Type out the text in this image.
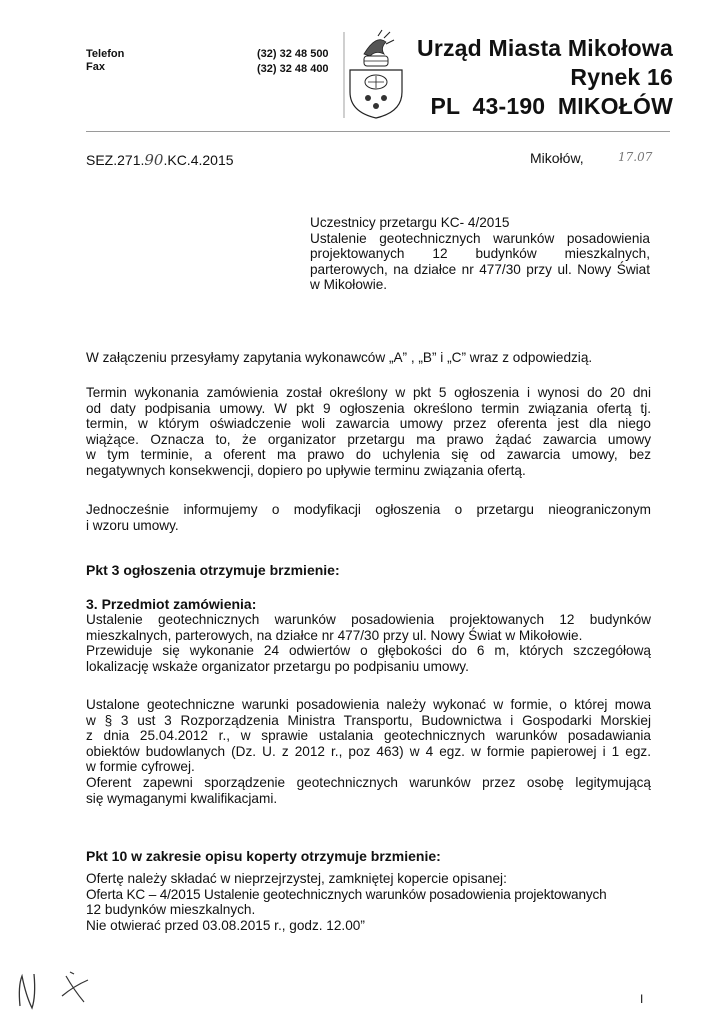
Telefon
Fax
(32) 32 48 500
(32) 32 48 400
Urząd Miasta Mikołowa
Rynek 16
PL 43-190 MIKOŁÓW
SEZ.271.90.KC.4.2015	Mikołów,	17.07
Uczestnicy przetargu KC- 4/2015
Ustalenie geotechnicznych warunków posadowienia
projektowanych 12 budynków mieszkalnych,
parterowych, na działce nr 477/30 przy ul. Nowy Świat
w Mikołowie.
W załączeniu przesyłamy zapytania wykonawców „A” , „B” i „C” wraz z odpowiedzią.
Termin wykonania zamówienia został określony w pkt 5 ogłoszenia i wynosi do 20 dni
od daty podpisania umowy. W pkt 9 ogłoszenia określono termin związania ofertą tj.
termin, w którym oświadczenie woli zawarcia umowy przez oferenta jest dla niego
wiążące. Oznacza to, że organizator przetargu ma prawo żądać zawarcia umowy
w tym terminie, a oferent ma prawo do uchylenia się od zawarcia umowy, bez
negatywnych konsekwencji, dopiero po upływie terminu związania ofertą.
Jednocześnie informujemy o modyfikacji ogłoszenia o przetargu nieograniczonym
i wzoru umowy.
Pkt 3 ogłoszenia otrzymuje brzmienie:
3. Przedmiot zamówienia:
Ustalenie geotechnicznych warunków posadowienia projektowanych 12 budynków
mieszkalnych, parterowych, na działce nr 477/30 przy ul. Nowy Świat w Mikołowie.
Przewiduje się wykonanie 24 odwiertów o głębokości do 6 m, których szczegółową
lokalizację wskaże organizator przetargu po podpisaniu umowy.
Ustalone geotechniczne warunki posadowienia należy wykonać w formie, o której mowa
w § 3 ust 3 Rozporządzenia Ministra Transportu, Budownictwa i Gospodarki Morskiej
z dnia 25.04.2012 r., w sprawie ustalania geotechnicznych warunków posadawiania
obiektów budowlanych (Dz. U. z 2012 r., poz 463) w 4 egz. w formie papierowej i 1 egz.
w formie cyfrowej.
Oferent zapewni sporządzenie geotechnicznych warunków przez osobę legitymującą
się wymaganymi kwalifikacjami.
Pkt 10 w zakresie opisu koperty otrzymuje brzmienie:
Ofertę należy składać w nieprzejrzystej, zamkniętej kopercie opisanej:
Oferta KC – 4/2015 Ustalenie geotechnicznych warunków posadowienia projektowanych
12 budynków mieszkalnych.
Nie otwierać przed 03.08.2015 r., godz. 12.00”
I
